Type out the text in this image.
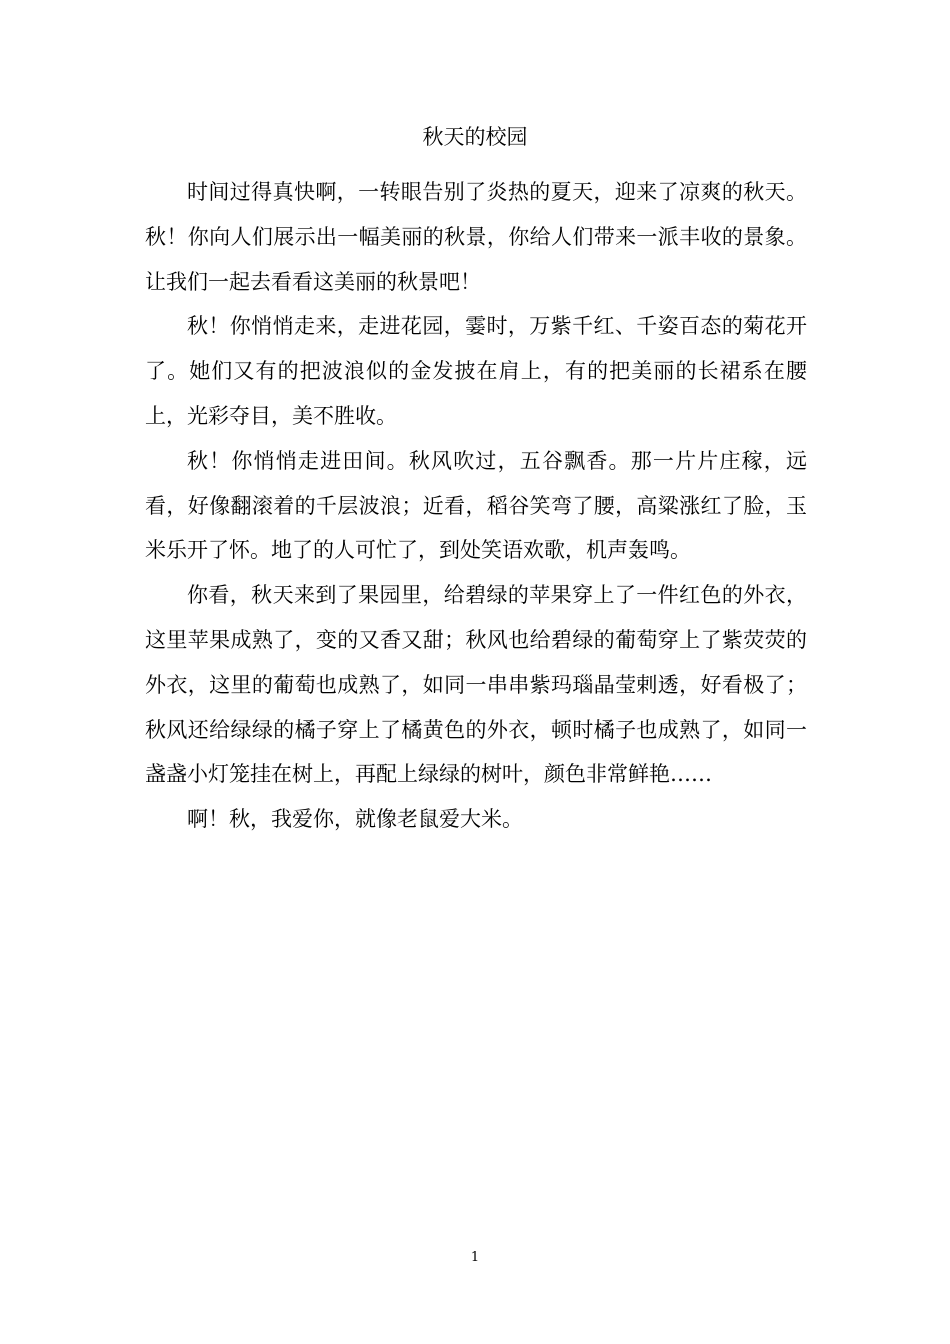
秋天的校园

时间过得真快啊，一转眼告别了炎热的夏天，迎来了凉爽的秋天。秋！你向人们展示出一幅美丽的秋景，你给人们带来一派丰收的景象。让我们一起去看看这美丽的秋景吧！

秋！你悄悄走来，走进花园，霎时，万紫千红、千姿百态的菊花开了。她们又有的把波浪似的金发披在肩上，有的把美丽的长裙系在腰上，光彩夺目，美不胜收。

秋！你悄悄走进田间。秋风吹过，五谷飘香。那一片片庄稼，远看，好像翻滚着的千层波浪；近看，稻谷笑弯了腰，高粱涨红了脸，玉米乐开了怀。地了的人可忙了，到处笑语欢歌，机声轰鸣。

你看，秋天来到了果园里，给碧绿的苹果穿上了一件红色的外衣，这里苹果成熟了，变的又香又甜；秋风也给碧绿的葡萄穿上了紫荧荧的外衣，这里的葡萄也成熟了，如同一串串紫玛瑙晶莹剌透，好看极了；秋风还给绿绿的橘子穿上了橘黄色的外衣，顿时橘子也成熟了，如同一盏盏小灯笼挂在树上，再配上绿绿的树叶，颜色非常鲜艳……

啊！秋，我爱你，就像老鼠爱大米。

1
